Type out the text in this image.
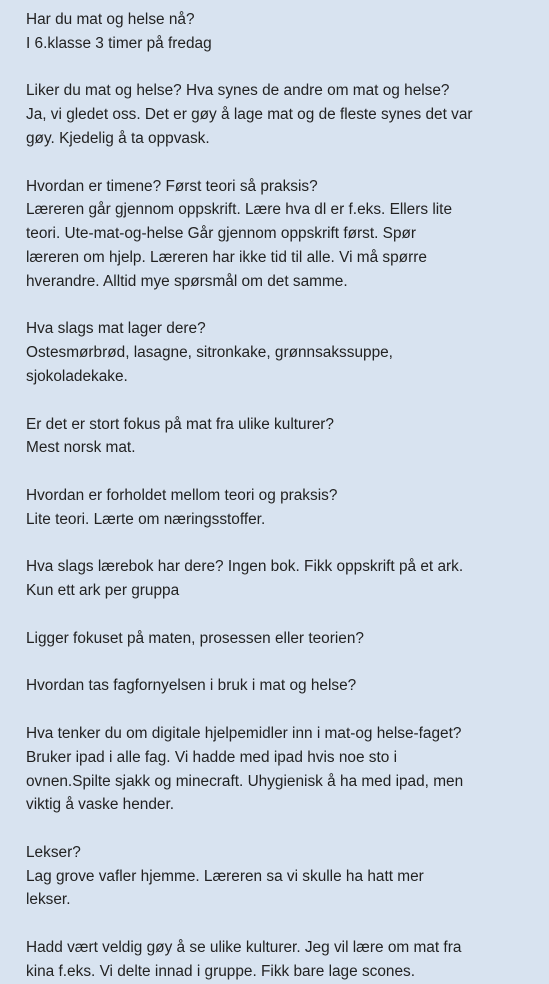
Har du mat og helse nå?
I 6.klasse 3 timer på fredag
Liker du mat og helse? Hva synes de andre om mat og helse?
Ja, vi gledet oss. Det er gøy å lage mat og de fleste synes det var
gøy. Kjedelig å ta oppvask.
Hvordan er timene? Først teori så praksis?
Læreren går gjennom oppskrift. Lære hva dl er f.eks. Ellers lite
teori. Ute-mat-og-helse Går gjennom oppskrift først. Spør
læreren om hjelp. Læreren har ikke tid til alle. Vi må spørre
hverandre. Alltid mye spørsmål om det samme.
Hva slags mat lager dere?
Ostesmørbrød, lasagne, sitronkake, grønnsakssuppe,
sjokoladekake.
Er det er stort fokus på mat fra ulike kulturer?
Mest norsk mat.
Hvordan er forholdet mellom teori og praksis?
Lite teori. Lærte om næringsstoffer.
Hva slags lærebok har dere? Ingen bok. Fikk oppskrift på et ark.
Kun ett ark per gruppa
Ligger fokuset på maten, prosessen eller teorien?
Hvordan tas fagfornyelsen i bruk i mat og helse?
Hva tenker du om digitale hjelpemidler inn i mat-og helse-faget?
Bruker ipad i alle fag. Vi hadde med ipad hvis noe sto i
ovnen.Spilte sjakk og minecraft. Uhygienisk å ha med ipad, men
viktig å vaske hender.
Lekser?
Lag grove vafler hjemme. Læreren sa vi skulle ha hatt mer
lekser.
Hadd vært veldig gøy å se ulike kulturer. Jeg vil lære om mat fra
kina f.eks. Vi delte innad i gruppe. Fikk bare lage scones.
